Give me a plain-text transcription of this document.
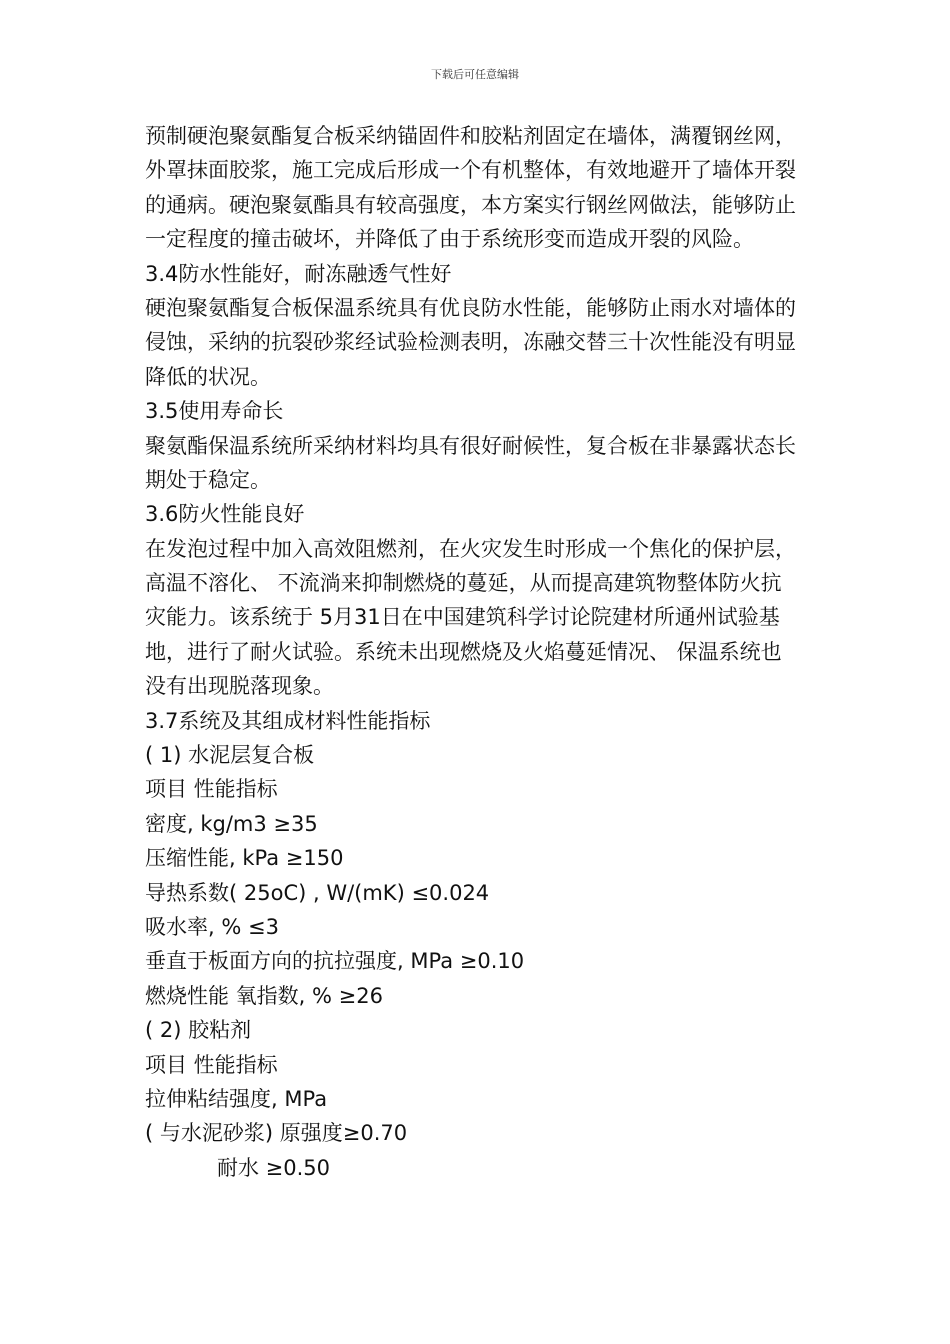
下载后可任意编辑
预制硬泡聚氨酯复合板采纳锚固件和胶粘剂固定在墙体，满覆钢丝网，
外罩抹面胶浆，施工完成后形成一个有机整体，有效地避开了墙体开裂
的通病。硬泡聚氨酯具有较高强度，本方案实行钢丝网做法，能够防止
一定程度的撞击破坏，并降低了由于系统形变而造成开裂的风险。
3.4防水性能好，耐冻融透气性好
硬泡聚氨酯复合板保温系统具有优良防水性能，能够防止雨水对墙体的
侵蚀，采纳的抗裂砂浆经试验检测表明，冻融交替三十次性能没有明显
降低的状况。
3.5使用寿命长
聚氨酯保温系统所采纳材料均具有很好耐候性，复合板在非暴露状态长
期处于稳定。
3.6防火性能良好
在发泡过程中加入高效阻燃剂，在火灾发生时形成一个焦化的保护层，
高温不溶化、 不流淌来抑制燃烧的蔓延，从而提高建筑物整体防火抗
灾能力。该系统于 5月31日在中国建筑科学讨论院建材所通州试验基
地，进行了耐火试验。系统未出现燃烧及火焰蔓延情况、 保温系统也
没有出现脱落现象。
3.7系统及其组成材料性能指标
( 1) 水泥层复合板
项目 性能指标
密度, kg/m3 ≥35
压缩性能, kPa ≥150
导热系数( 25oC) , W/(mK) ≤0.024
吸水率, % ≤3
垂直于板面方向的抗拉强度, MPa ≥0.10
燃烧性能 氧指数, % ≥26
( 2) 胶粘剂
项目 性能指标
拉伸粘结强度, MPa
( 与水泥砂浆) 原强度≥0.70
耐水 ≥0.50
